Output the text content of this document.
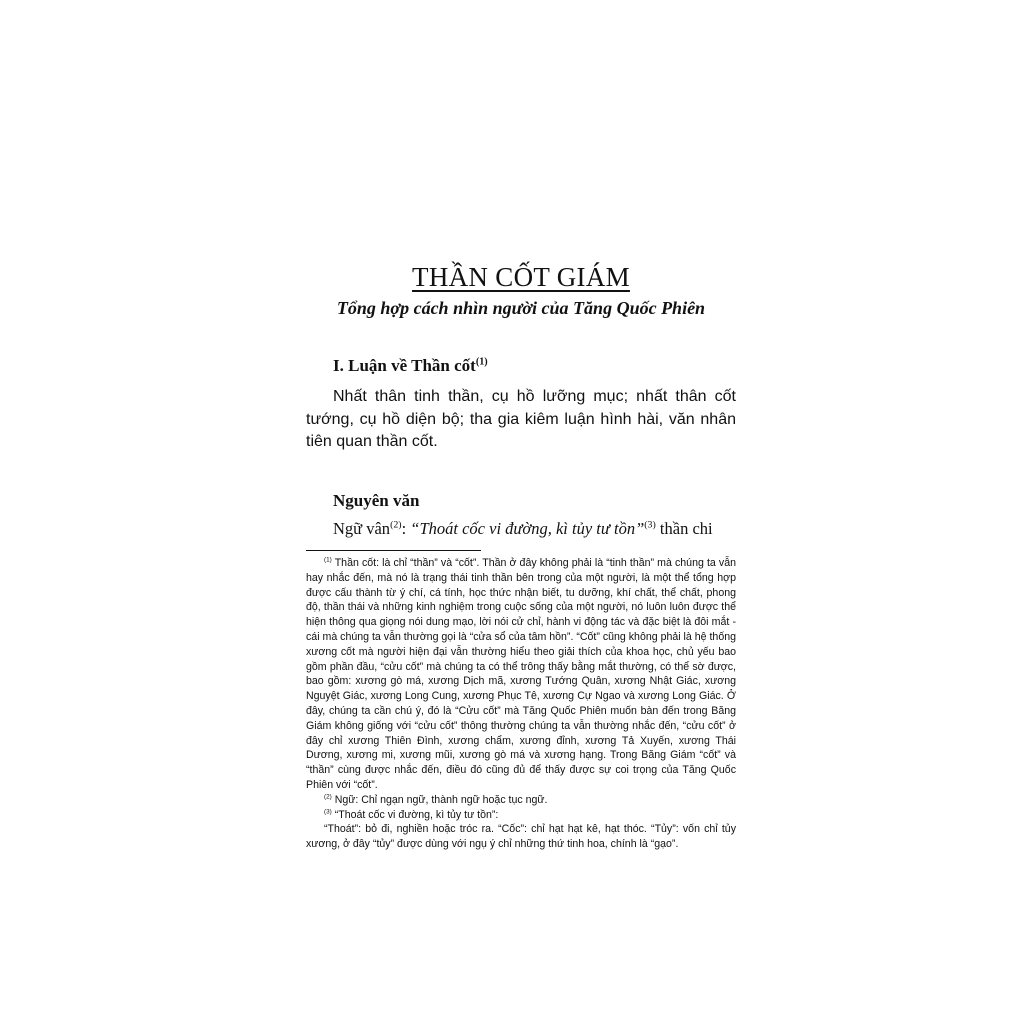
THẦN CỐT GIÁM
Tổng hợp cách nhìn người của Tăng Quốc Phiên
I. Luận về Thần cốt$^{(1)}$

Nhất thân tinh thần, cụ hồ lưỡng mục; nhất thân cốt tướng, cụ hồ diện bộ; tha gia kiêm luận hình hài, văn nhân tiên quan thần cốt.

Nguyên văn

Ngữ vân$^{(2)}$: “Thoát cốc vi đường, kì tủy tư tồn”$^{(3)}$ thần chi

$^{(1)}$ Thần cốt: là chỉ “thần” và “cốt”. Thần ở đây không phải là “tinh thần” mà chúng ta vẫn hay nhắc đến, mà nó là trạng thái tinh thần bên trong của một người, là một thể tổng hợp được cấu thành từ ý chí, cá tính, học thức nhận biết, tu dưỡng, khí chất, thể chất, phong độ, thần thái và những kinh nghiệm trong cuộc sống của một người, nó luôn luôn được thể hiện thông qua giọng nói dung mạo, lời nói cử chỉ, hành vi động tác và đặc biệt là đôi mắt - cái mà chúng ta vẫn thường gọi là “cửa sổ của tâm hồn”. “Cốt” cũng không phải là hệ thống xương cốt mà người hiện đại vẫn thường hiểu theo giải thích của khoa học, chủ yếu bao gồm phần đầu, “cửu cốt” mà chúng ta có thể trông thấy bằng mắt thường, có thể sờ được, bao gồm: xương gò má, xương Dịch mã, xương Tướng Quân, xương Nhật Giác, xương Nguyệt Giác, xương Long Cung, xương Phục Tê, xương Cự Ngao và xương Long Giác. Ở đây, chúng ta cần chú ý, đó là “Cửu cốt” mà Tăng Quốc Phiên muốn bàn đến trong Băng Giám không giống với “cửu cốt” thông thường chúng ta vẫn thường nhắc đến, “cửu cốt” ở đây chỉ xương Thiên Đình, xương chẩm, xương đỉnh, xương Tả Xuyến, xương Thái Dương, xương mi, xương mũi, xương gò má và xương hạng. Trong Băng Giám “cốt” và “thần” cùng được nhắc đến, điều đó cũng đủ để thấy được sự coi trọng của Tăng Quốc Phiên với “cốt”.

$^{(2)}$ Ngữ: Chỉ ngạn ngữ, thành ngữ hoặc tục ngữ.

$^{(3)}$ “Thoát cốc vi đường, kì tủy tư tồn”:

“Thoát”: bỏ đi, nghiền hoặc tróc ra. “Cốc”: chỉ hạt hạt kê, hạt thóc. “Tủy”: vốn chỉ tủy xương, ở đây “tủy” được dùng với ngụ ý chỉ những thứ tinh hoa, chính là “gạo”.
